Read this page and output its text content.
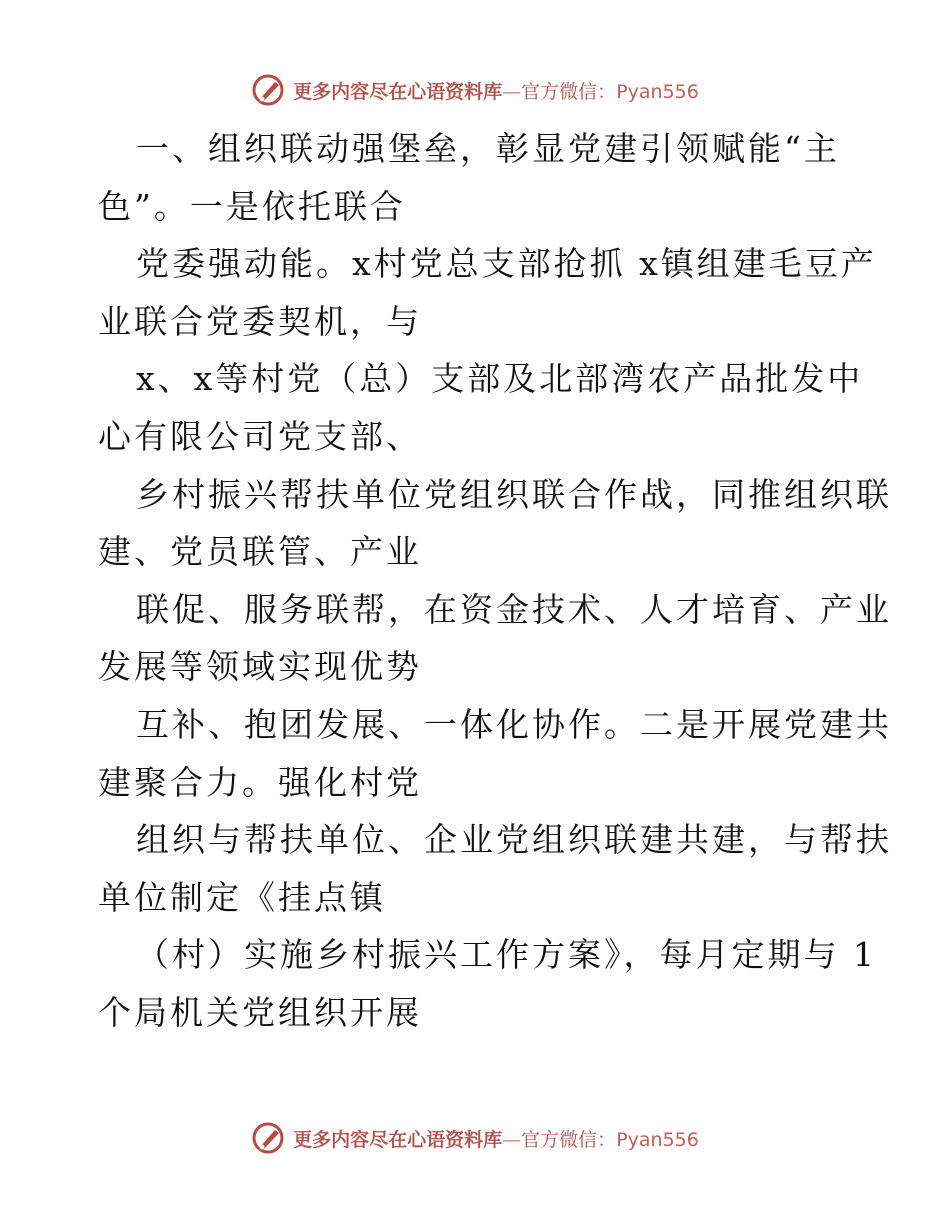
更多内容尽在心语资料库—官方微信：Pyan556

一、组织联动强堡垒，彰显党建引领赋能“主
色”。一是依托联合

党委强动能。x村党总支部抢抓 x镇组建毛豆产
业联合党委契机，与

x、x等村党（总）支部及北部湾农产品批发中
心有限公司党支部、

乡村振兴帮扶单位党组织联合作战，同推组织联
建、党员联管、产业

联促、服务联帮，在资金技术、人才培育、产业
发展等领域实现优势

互补、抱团发展、一体化协作。二是开展党建共
建聚合力。强化村党

组织与帮扶单位、企业党组织联建共建，与帮扶
单位制定《挂点镇

（村）实施乡村振兴工作方案》，每月定期与 1
个局机关党组织开展

更多内容尽在心语资料库—官方微信：Pyan556
